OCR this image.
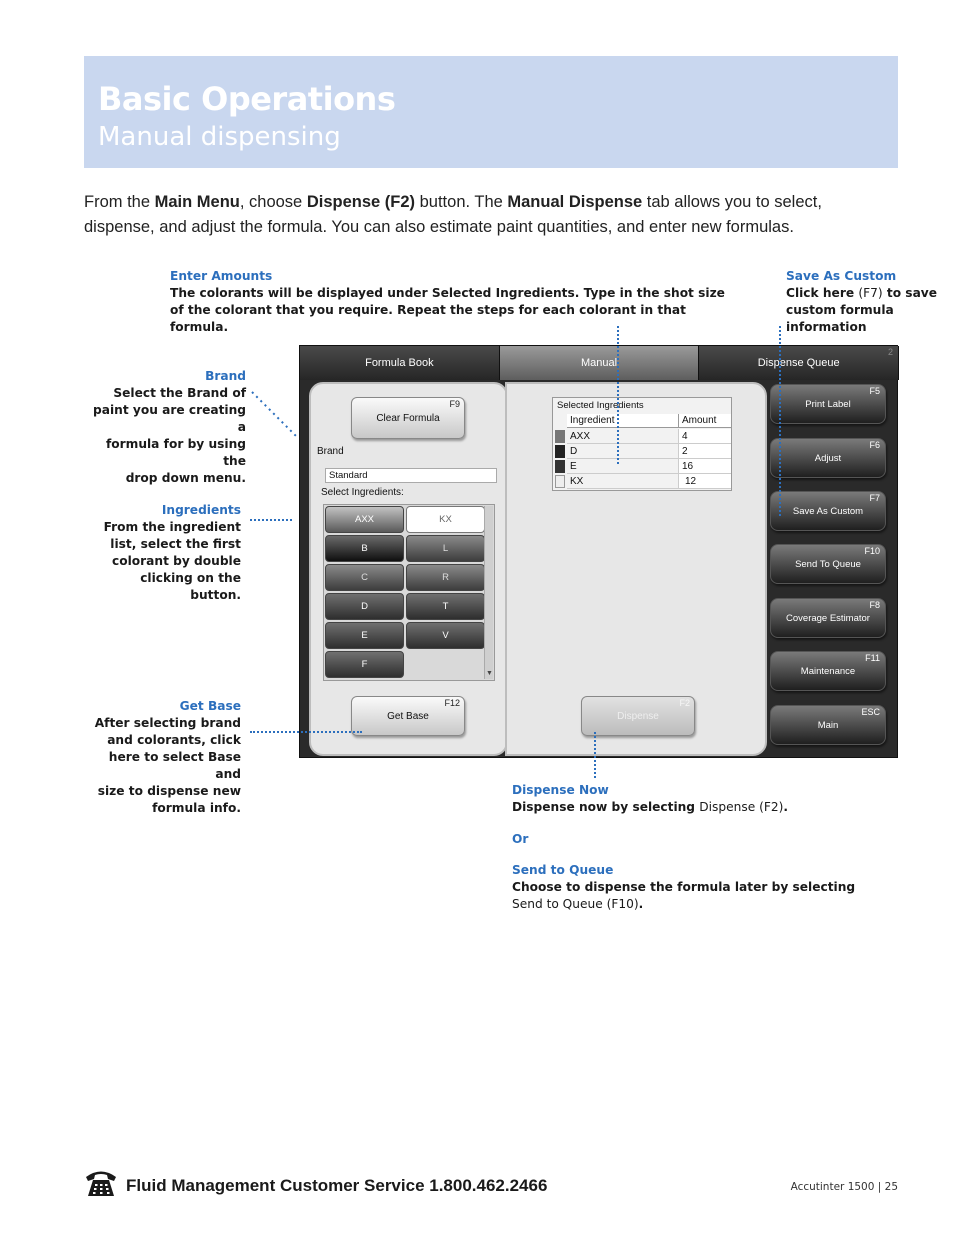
Basic Operations
Manual dispensing
From the Main Menu, choose Dispense (F2) button. The Manual Dispense tab allows you to select,
dispense, and adjust the formula. You can also estimate paint quantities, and enter new formulas.
Enter Amounts
The colorants will be displayed under Selected Ingredients. Type in the shot size
of the colorant that you require. Repeat the steps for each colorant in that formula.
Save As Custom
Click here (F7) to save
custom formula information
Brand
Select the Brand of
paint you are creating a
formula for by using the
drop down menu.
Ingredients
From the ingredient
list, select the first
colorant by double
clicking on the button.
Get Base
After selecting brand
and colorants, click
here to select Base and
size to dispense new
formula info.
Dispense Now
Dispense now by selecting Dispense (F2).
Or
Send to Queue
Choose to dispense the formula later by selecting
Send to Queue (F10).
Formula Book	Manual	Dispense Queue
2
Clear Formula
F9
Brand
Standard
Select Ingredients:
AXX	KX
B	L
C	R
D	T
E	V
F
▼
Get Base
F12
Selected Ingredients
Ingredient	Amount
AXX	4
D	2
E	16
KX	12
Dispense
F2
Print Label
F5
Adjust
F6
Save As Custom
F7
Send To Queue
F10
Coverage Estimator
F8
Maintenance
F11
Main
ESC
Fluid Management Customer Service 1.800.462.2466	Accutinter 1500 | 25
